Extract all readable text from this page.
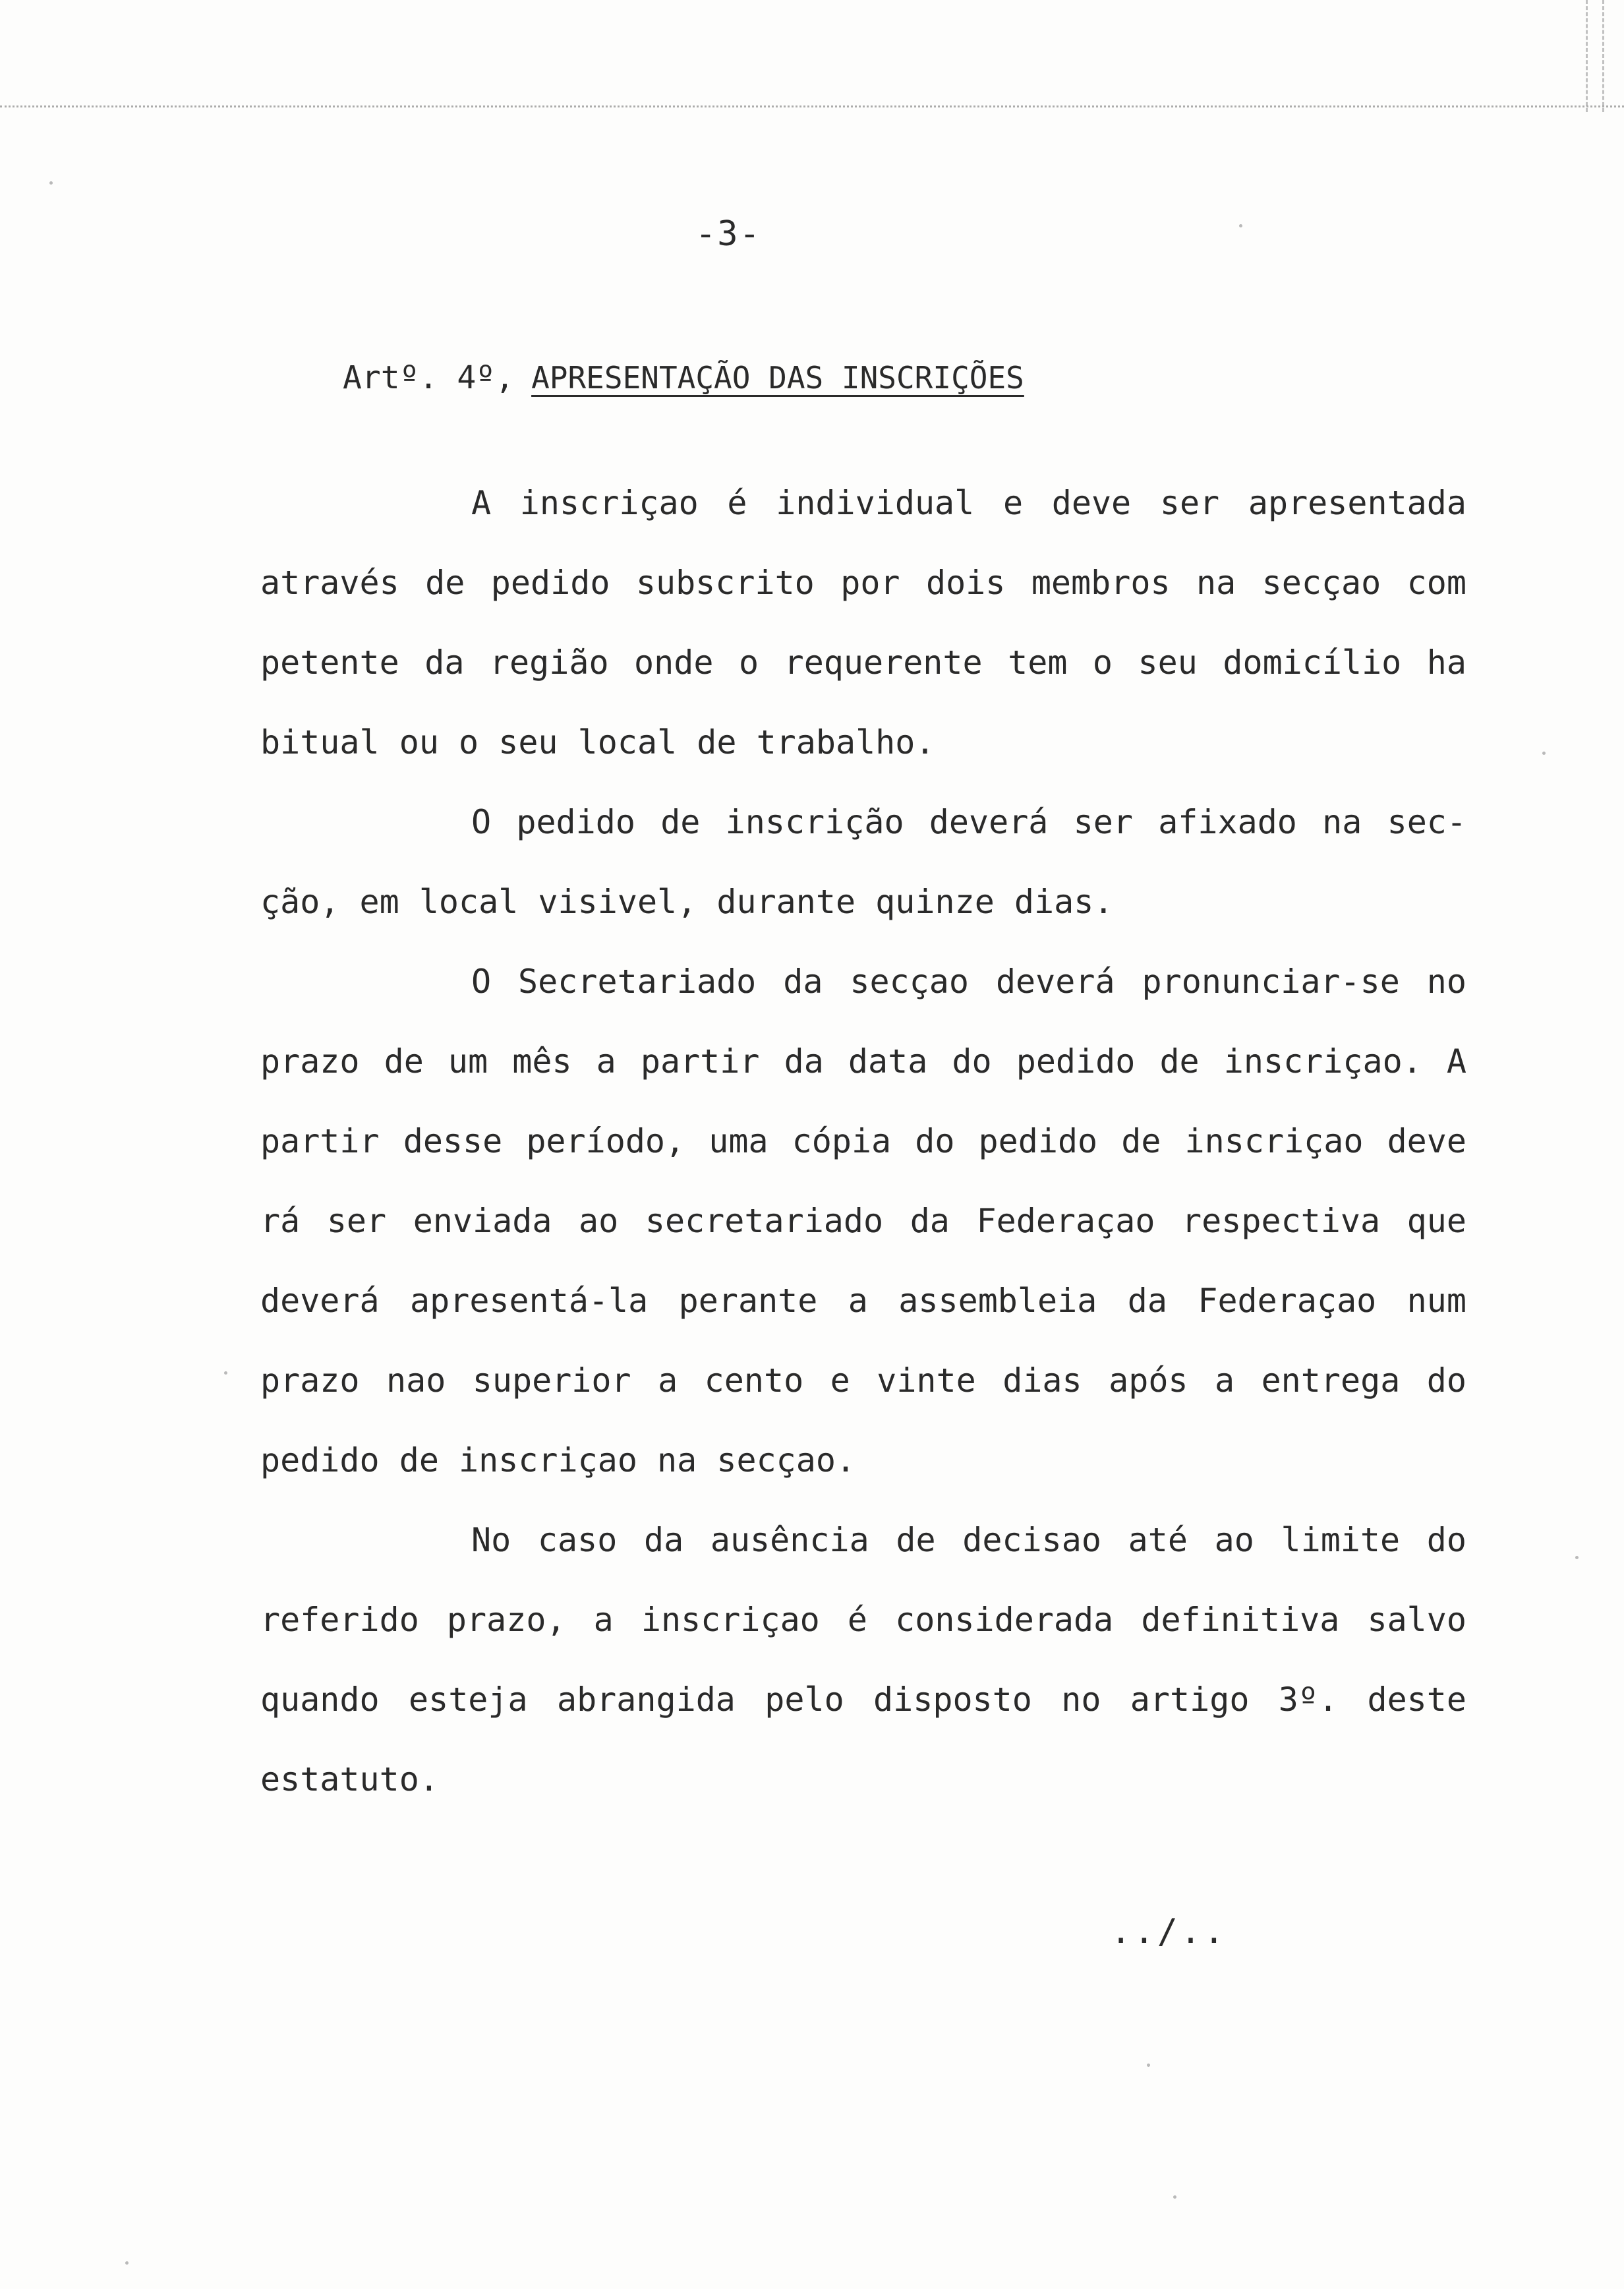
-3-
Artº. 4º, APRESENTAÇÃO DAS INSCRIÇÕES
A inscriçao é individual e deve ser apresentada
através de pedido subscrito por dois membros na secçao com
petente da região onde o requerente tem o seu domicílio ha
bitual ou o seu local de trabalho.
O pedido de inscrição deverá ser afixado na sec-
ção, em local visivel, durante quinze dias.
O Secretariado da secçao deverá pronunciar-se no
prazo de um mês a partir da data do pedido de inscriçao. A
partir desse período, uma cópia do pedido de inscriçao deve
rá ser enviada ao secretariado da Federaçao respectiva que
deverá apresentá-la perante a assembleia da Federaçao num
prazo nao superior a cento e vinte dias após a entrega do
pedido de inscriçao na secçao.
No caso da ausência de decisao até ao limite do
referido prazo, a inscriçao é considerada definitiva salvo
quando esteja abrangida pelo disposto no artigo 3º. deste
estatuto.
../..
